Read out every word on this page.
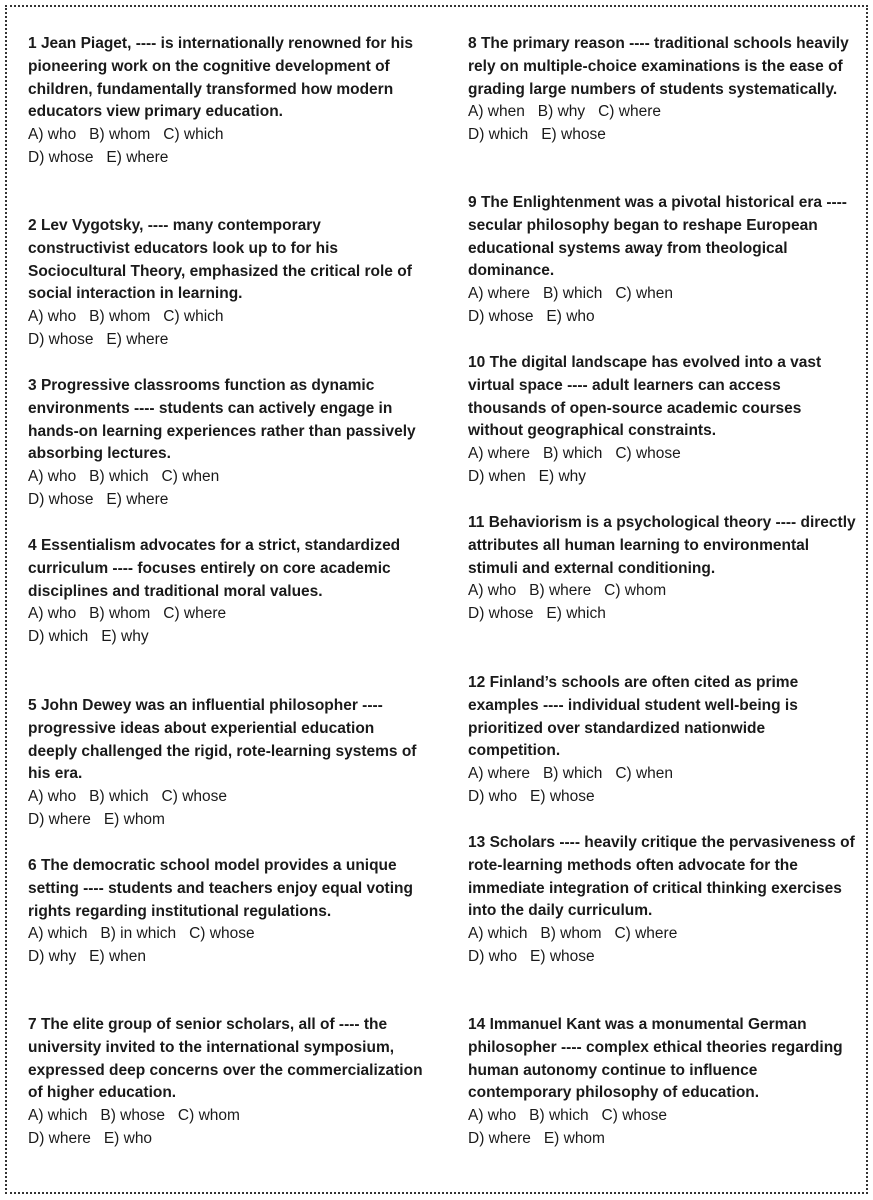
1 Jean Piaget, ---- is internationally renowned for his pioneering work on the cognitive development of children, fundamentally transformed how modern educators view primary education.

A) who B) whom C) which
D) whose E) where

2 Lev Vygotsky, ---- many contemporary constructivist educators look up to for his Sociocultural Theory, emphasized the critical role of social interaction in learning.

A) who B) whom C) which
D) whose E) where

3 Progressive classrooms function as dynamic environments ---- students can actively engage in hands-on learning experiences rather than passively absorbing lectures.

A) who B) which C) when
D) whose E) where

4 Essentialism advocates for a strict, standardized curriculum ---- focuses entirely on core academic disciplines and traditional moral values.

A) who B) whom C) where
D) which E) why

5 John Dewey was an influential philosopher ---- progressive ideas about experiential education deeply challenged the rigid, rote-learning systems of his era.

A) who B) which C) whose
D) where E) whom

6 The democratic school model provides a unique setting ---- students and teachers enjoy equal voting rights regarding institutional regulations.

A) which B) in which C) whose
D) why E) when

7 The elite group of senior scholars, all of ---- the university invited to the international symposium, expressed deep concerns over the commercialization of higher education.

A) which B) whose C) whom
D) where E) who

8 The primary reason ---- traditional schools heavily rely on multiple-choice examinations is the ease of grading large numbers of students systematically.

A) when B) why C) where
D) which E) whose

9 The Enlightenment was a pivotal historical era ---- secular philosophy began to reshape European educational systems away from theological dominance.

A) where B) which C) when
D) whose E) who

10 The digital landscape has evolved into a vast virtual space ---- adult learners can access thousands of open-source academic courses without geographical constraints.

A) where B) which C) whose
D) when E) why

11 Behaviorism is a psychological theory ---- directly attributes all human learning to environmental stimuli and external conditioning.

A) who B) where C) whom
D) whose E) which

12 Finland’s schools are often cited as prime examples ---- individual student well-being is prioritized over standardized nationwide competition.

A) where B) which C) when
D) who E) whose

13 Scholars ---- heavily critique the pervasiveness of rote-learning methods often advocate for the immediate integration of critical thinking exercises into the daily curriculum.

A) which B) whom C) where
D) who E) whose

14 Immanuel Kant was a monumental German philosopher ---- complex ethical theories regarding human autonomy continue to influence contemporary philosophy of education.

A) who B) which C) whose
D) where E) whom
